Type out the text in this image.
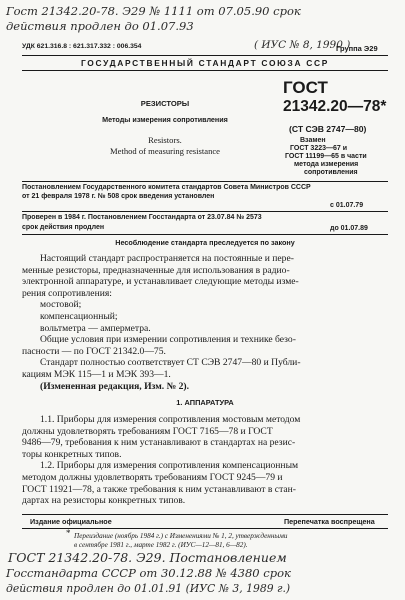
Гост 21342.20-78. Э29 № 1111 от 07.05.90 срок
действия продлен до 01.07.93
( ИУС № 8, 1990 )
УДК 621.316.8 : 621.317.332 : 006.354	Группа Э29
ГОСУДАРСТВЕННЫЙ СТАНДАРТ СОЮЗА ССР
РЕЗИСТОРЫ
Методы измерения сопротивления
Resistors.
Method of measuring resistance
ГОСТ
21342.20—78*
(СТ СЭВ 2747—80)
Взамен
ГОСТ 3223—67 и
ГОСТ 11199—65 в части
метода измерения
сопротивления
Постановлением Государственного комитета стандартов Совета Министров СССР
от 21 февраля 1978 г. № 508 срок введения установлен
с 01.07.79
Проверен в 1984 г. Постановлением Госстандарта от 23.07.84 № 2573
срок действия продлен	до 01.07.89
Несоблюдение стандарта преследуется по закону
Настоящий стандарт распространяется на постоянные и пере-
менные резисторы, предназначенные для использования в радио-
электронной аппаратуре, и устанавливает следующие методы изме-
рения сопротивления:
мостовой;
компенсационный;
вольтметра — амперметра.
Общие условия при измерении сопротивления и технике безо-
пасности — по ГОСТ 21342.0—75.
Стандарт полностью соответствует СТ СЭВ 2747—80 и Публи-
кациям МЭК 115—1 и МЭК 393—1.
(Измененная редакция, Изм. № 2).
1. АППАРАТУРА
1.1. Приборы для измерения сопротивления мостовым методом
должны удовлетворять требованиям ГОСТ 7165—78 и ГОСТ
9486—79, требования к ним устанавливают в стандартах на резис-
торы конкретных типов.
1.2. Приборы для измерения сопротивления компенсационным
методом должны удовлетворять требованиям ГОСТ 9245—79 и
ГОСТ 11921—78, а также требования к ним устанавливают в стан-
дартах на резисторы конкретных типов.
Издание официальное	Перепечатка воспрещена
* Переиздание (ноябрь 1984 г.) с Изменениями № 1, 2, утвержденными
в сентябре 1981 г., марте 1982 г. (ИУС—12—81, 6—82).
ГОСТ 21342.20-78. Э29. Постановлением
Госстандарта СССР от 30.12.88 № 4380 срок
действия продлен до 01.01.91 (ИУС № 3, 1989 г.)
